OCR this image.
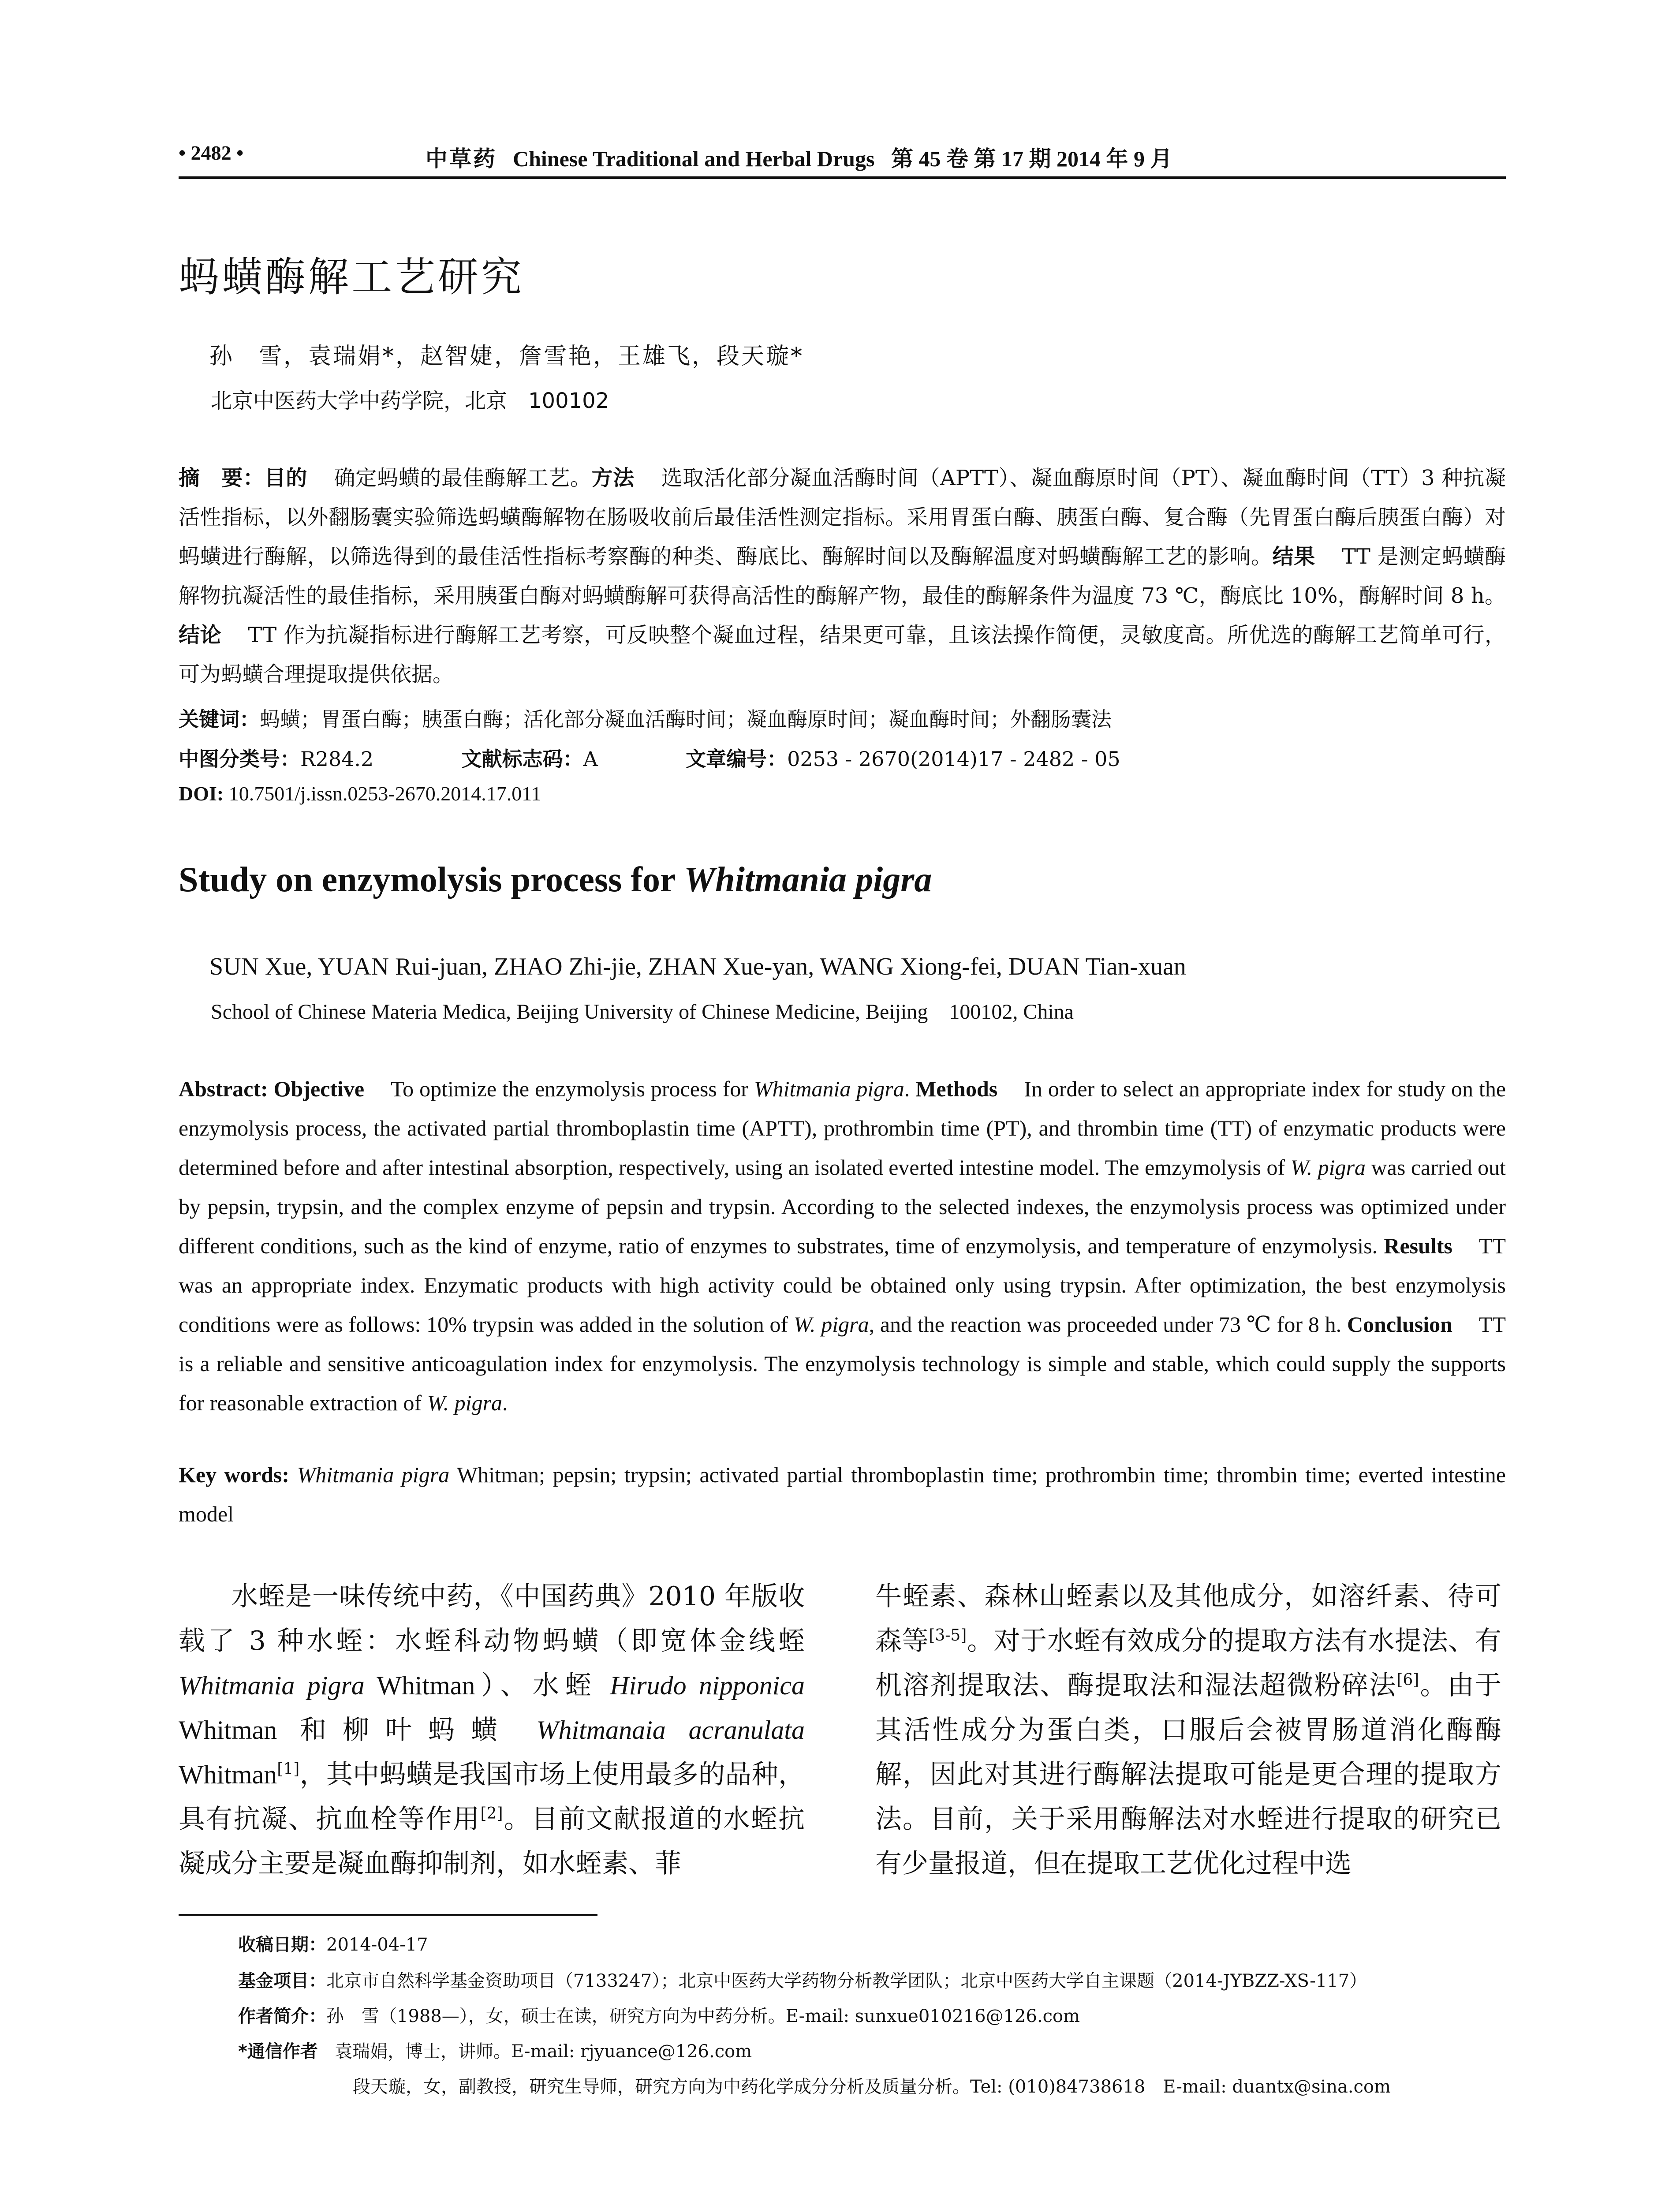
• 2482 •	中草药 Chinese Traditional and Herbal Drugs 第 45 卷 第 17 期 2014 年 9 月
蚂蟥酶解工艺研究
孙　雪，袁瑞娟*，赵智婕，詹雪艳，王雄飞，段天璇*
北京中医药大学中药学院，北京　100102
摘　要：目的 确定蚂蟥的最佳酶解工艺。方法 选取活化部分凝血活酶时间（APTT）、凝血酶原时间（PT）、凝血酶时间（TT）3 种抗凝活性指标，以外翻肠囊实验筛选蚂蟥酶解物在肠吸收前后最佳活性测定指标。采用胃蛋白酶、胰蛋白酶、复合酶（先胃蛋白酶后胰蛋白酶）对蚂蟥进行酶解，以筛选得到的最佳活性指标考察酶的种类、酶底比、酶解时间以及酶解温度对蚂蟥酶解工艺的影响。结果 TT 是测定蚂蟥酶解物抗凝活性的最佳指标，采用胰蛋白酶对蚂蟥酶解可获得高活性的酶解产物，最佳的酶解条件为温度 73 ℃，酶底比 10%，酶解时间 8 h。结论 TT 作为抗凝指标进行酶解工艺考察，可反映整个凝血过程，结果更可靠，且该法操作简便，灵敏度高。所优选的酶解工艺简单可行，可为蚂蟥合理提取提供依据。
关键词：蚂蟥；胃蛋白酶；胰蛋白酶；活化部分凝血活酶时间；凝血酶原时间；凝血酶时间；外翻肠囊法
中图分类号：R284.2	文献标志码：A	文章编号：0253 - 2670(2014)17 - 2482 - 05
DOI: 10.7501/j.issn.0253-2670.2014.17.011
Study on enzymolysis process for Whitmania pigra
SUN Xue, YUAN Rui-juan, ZHAO Zhi-jie, ZHAN Xue-yan, WANG Xiong-fei, DUAN Tian-xuan
School of Chinese Materia Medica, Beijing University of Chinese Medicine, Beijing　100102, China
Abstract: Objective To optimize the enzymolysis process for Whitmania pigra. Methods In order to select an appropriate index for study on the enzymolysis process, the activated partial thromboplastin time (APTT), prothrombin time (PT), and thrombin time (TT) of enzymatic products were determined before and after intestinal absorption, respectively, using an isolated everted intestine model. The emzymolysis of W. pigra was carried out by pepsin, trypsin, and the complex enzyme of pepsin and trypsin. According to the selected indexes, the enzymolysis process was optimized under different conditions, such as the kind of enzyme, ratio of enzymes to substrates, time of enzymolysis, and temperature of enzymolysis. Results TT was an appropriate index. Enzymatic products with high activity could be obtained only using trypsin. After optimization, the best enzymolysis conditions were as follows: 10% trypsin was added in the solution of W. pigra, and the reaction was proceeded under 73 ℃ for 8 h. Conclusion TT is a reliable and sensitive anticoagulation index for enzymolysis. The enzymolysis technology is simple and stable, which could supply the supports for reasonable extraction of W. pigra.
Key words: Whitmania pigra Whitman; pepsin; trypsin; activated partial thromboplastin time; prothrombin time; thrombin time; everted intestine model

水蛭是一味传统中药，《中国药典》2010 年版收载了 3 种水蛭：水蛭科动物蚂蟥（即宽体金线蛭 Whitmania pigra Whitman）、水蛭 Hirudo nipponica Whitman 和柳叶蚂蟥 Whitmanaia acranulata Whitman[1]，其中蚂蟥是我国市场上使用最多的品种，具有抗凝、抗血栓等作用[2]。目前文献报道的水蛭抗凝成分主要是凝血酶抑制剂，如水蛭素、菲

牛蛭素、森林山蛭素以及其他成分，如溶纤素、待可森等[3-5]。对于水蛭有效成分的提取方法有水提法、有机溶剂提取法、酶提取法和湿法超微粉碎法[6]。由于其活性成分为蛋白类，口服后会被胃肠道消化酶酶解，因此对其进行酶解法提取可能是更合理的提取方法。目前，关于采用酶解法对水蛭进行提取的研究已有少量报道，但在提取工艺优化过程中选

收稿日期：2014-04-17
基金项目：北京市自然科学基金资助项目（7133247）；北京中医药大学药物分析教学团队；北京中医药大学自主课题（2014-JYBZZ-XS-117）
作者简介：孙　雪（1988—），女，硕士在读，研究方向为中药分析。E-mail: sunxue010216@126.com
*通信作者 袁瑞娟，博士，讲师。E-mail: rjyuance@126.com
段天璇，女，副教授，研究生导师，研究方向为中药化学成分分析及质量分析。Tel: (010)84738618　E-mail: duantx@sina.com
